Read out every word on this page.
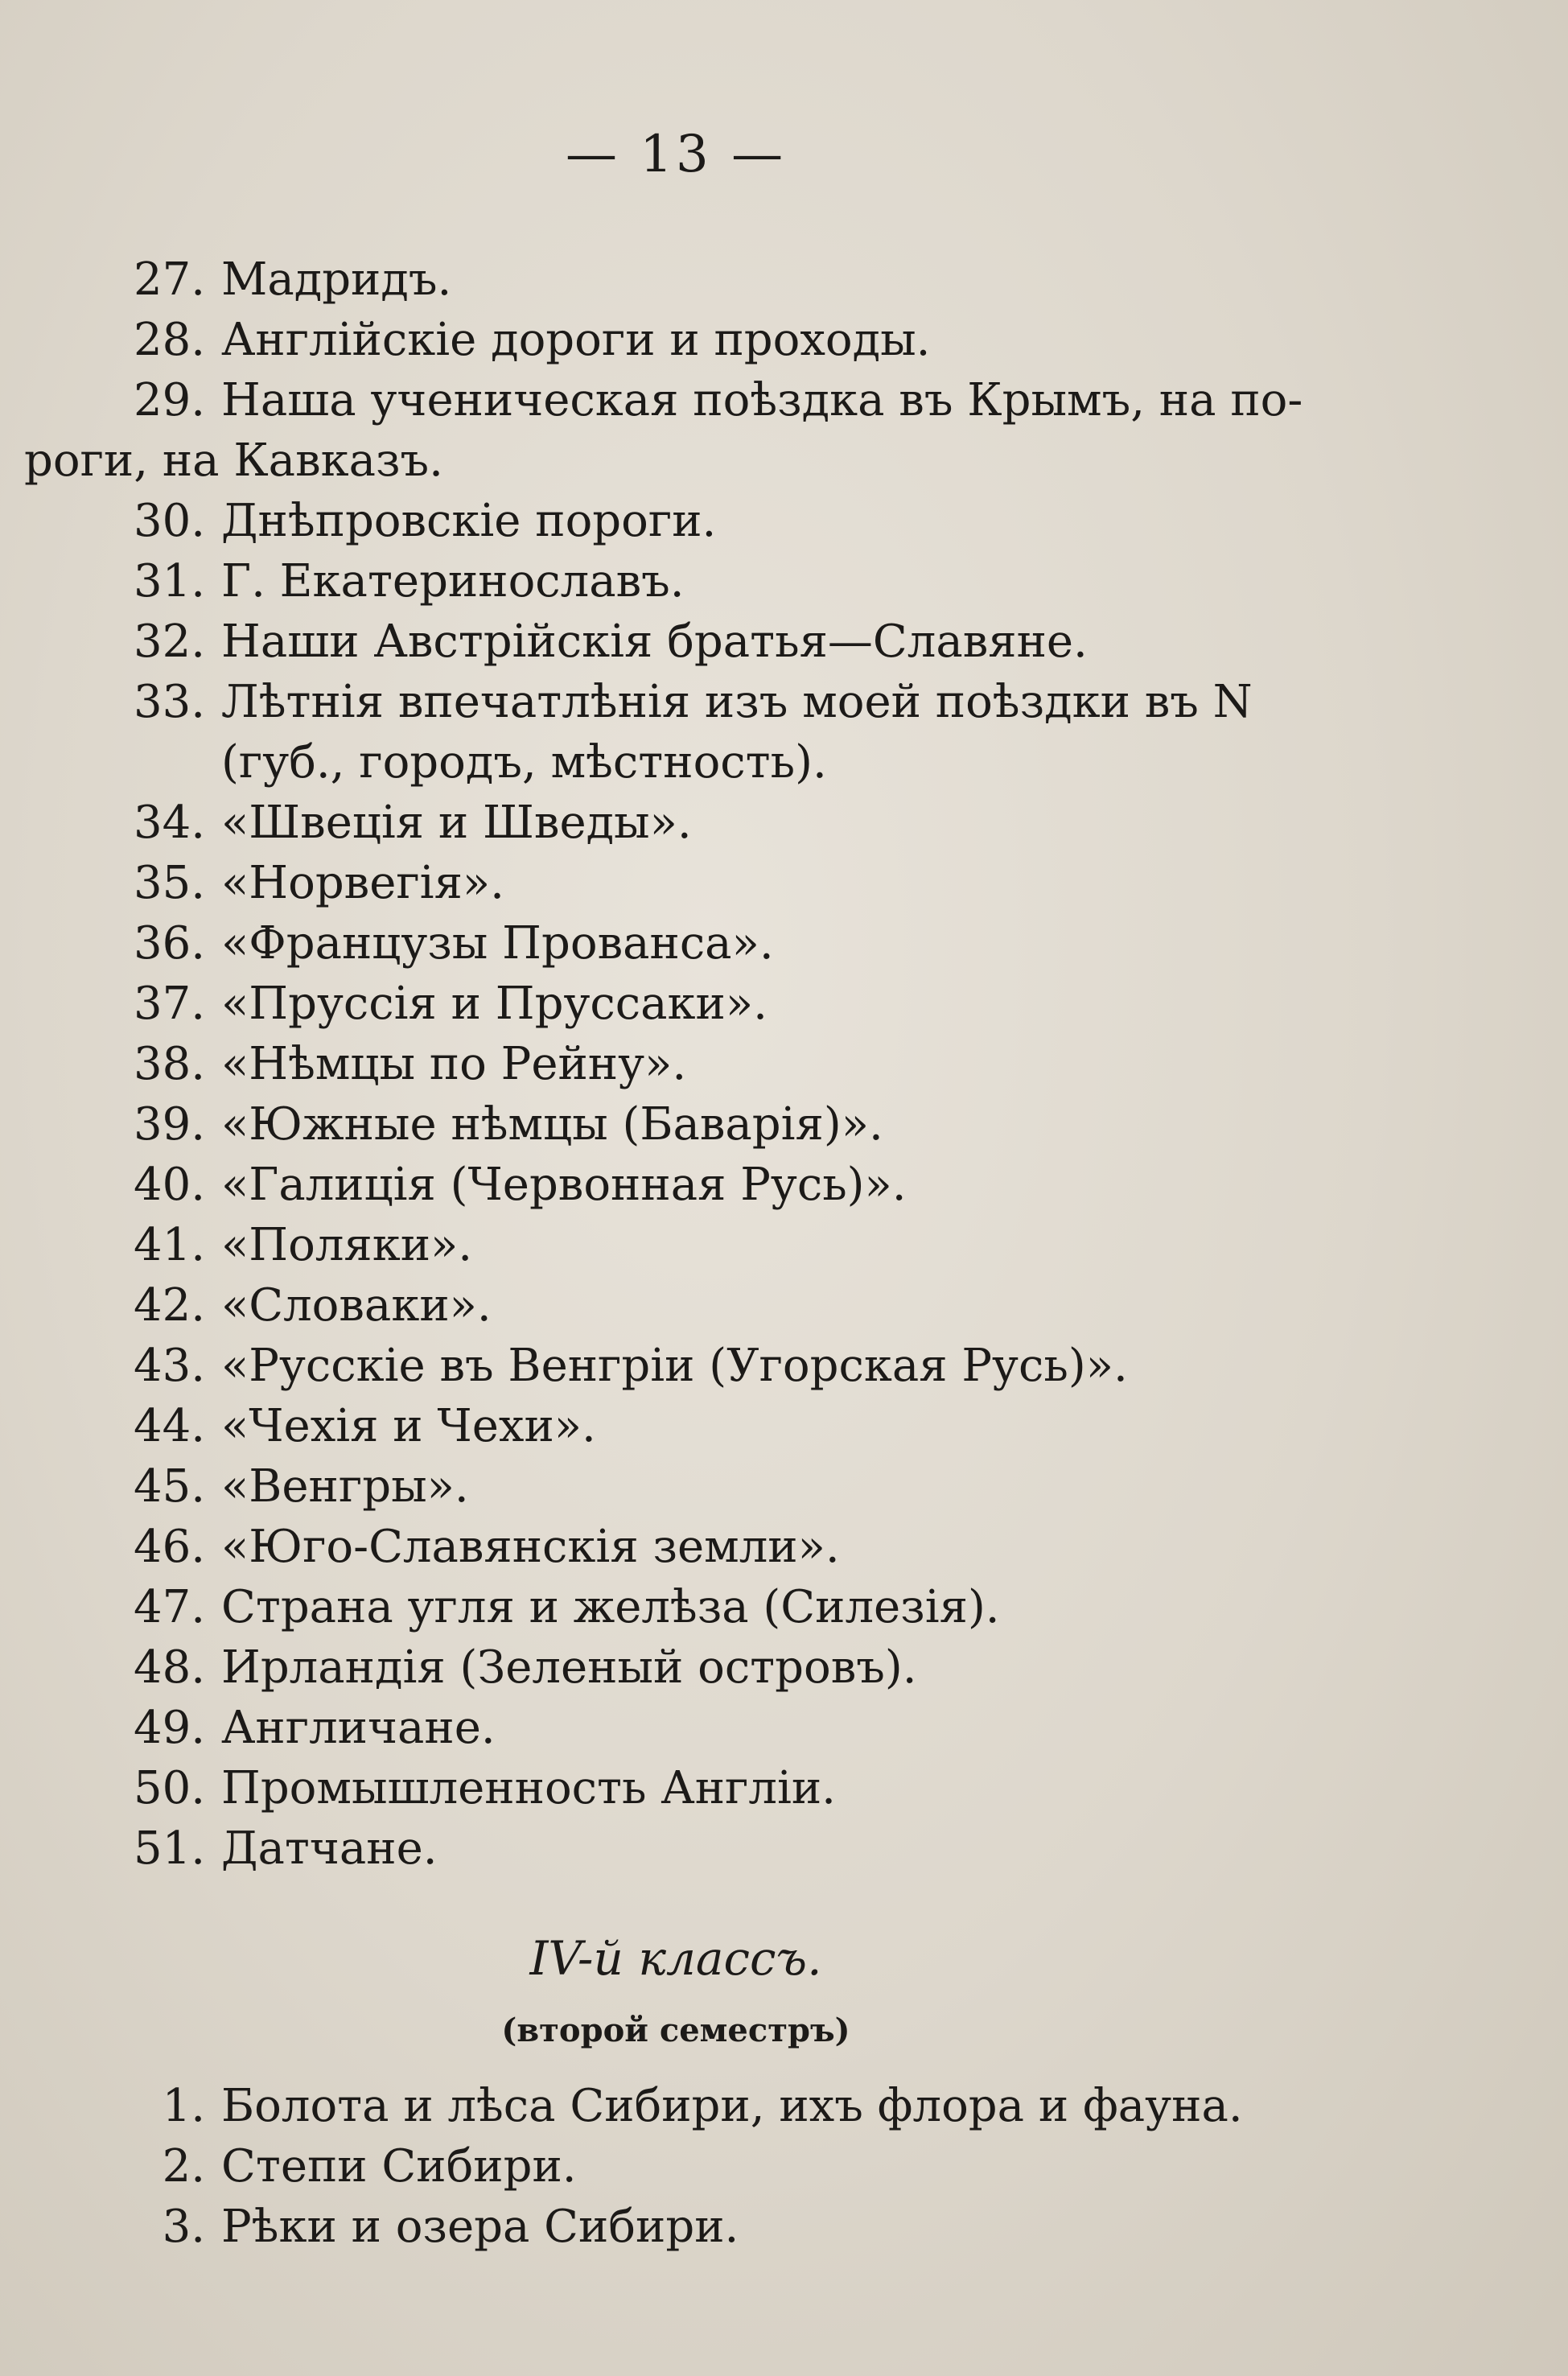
— 13 —
27. Мадридъ.
28. Англійскіе дороги и проходы.
29. Наша ученическая поѣздка въ Крымъ, на по-
роги, на Кавказъ.
30. Днѣпровскіе пороги.
31. Г. Екатеринославъ.
32. Наши Австрійскія братья—Славяне.
33. Лѣтнія впечатлѣнія изъ моей поѣздки въ N
(губ., городъ, мѣстность).
34. «Швеція и Шведы».
35. «Норвегія».
36. «Французы Прованса».
37. «Пруссія и Пруссаки».
38. «Нѣмцы по Рейну».
39. «Южные нѣмцы (Баварія)».
40. «Галиція (Червонная Русь)».
41. «Поляки».
42. «Словаки».
43. «Русскіе въ Венгріи (Угорская Русь)».
44. «Чехія и Чехи».
45. «Венгры».
46. «Юго-Славянскія земли».
47. Страна угля и желѣза (Силезія).
48. Ирландія (Зеленый островъ).
49. Англичане.
50. Промышленность Англіи.
51. Датчане.
IV-й классъ.
(второй семестръ)
1. Болота и лѣса Сибири, ихъ флора и фауна.
2. Степи Сибири.
3. Рѣки и озера Сибири.
